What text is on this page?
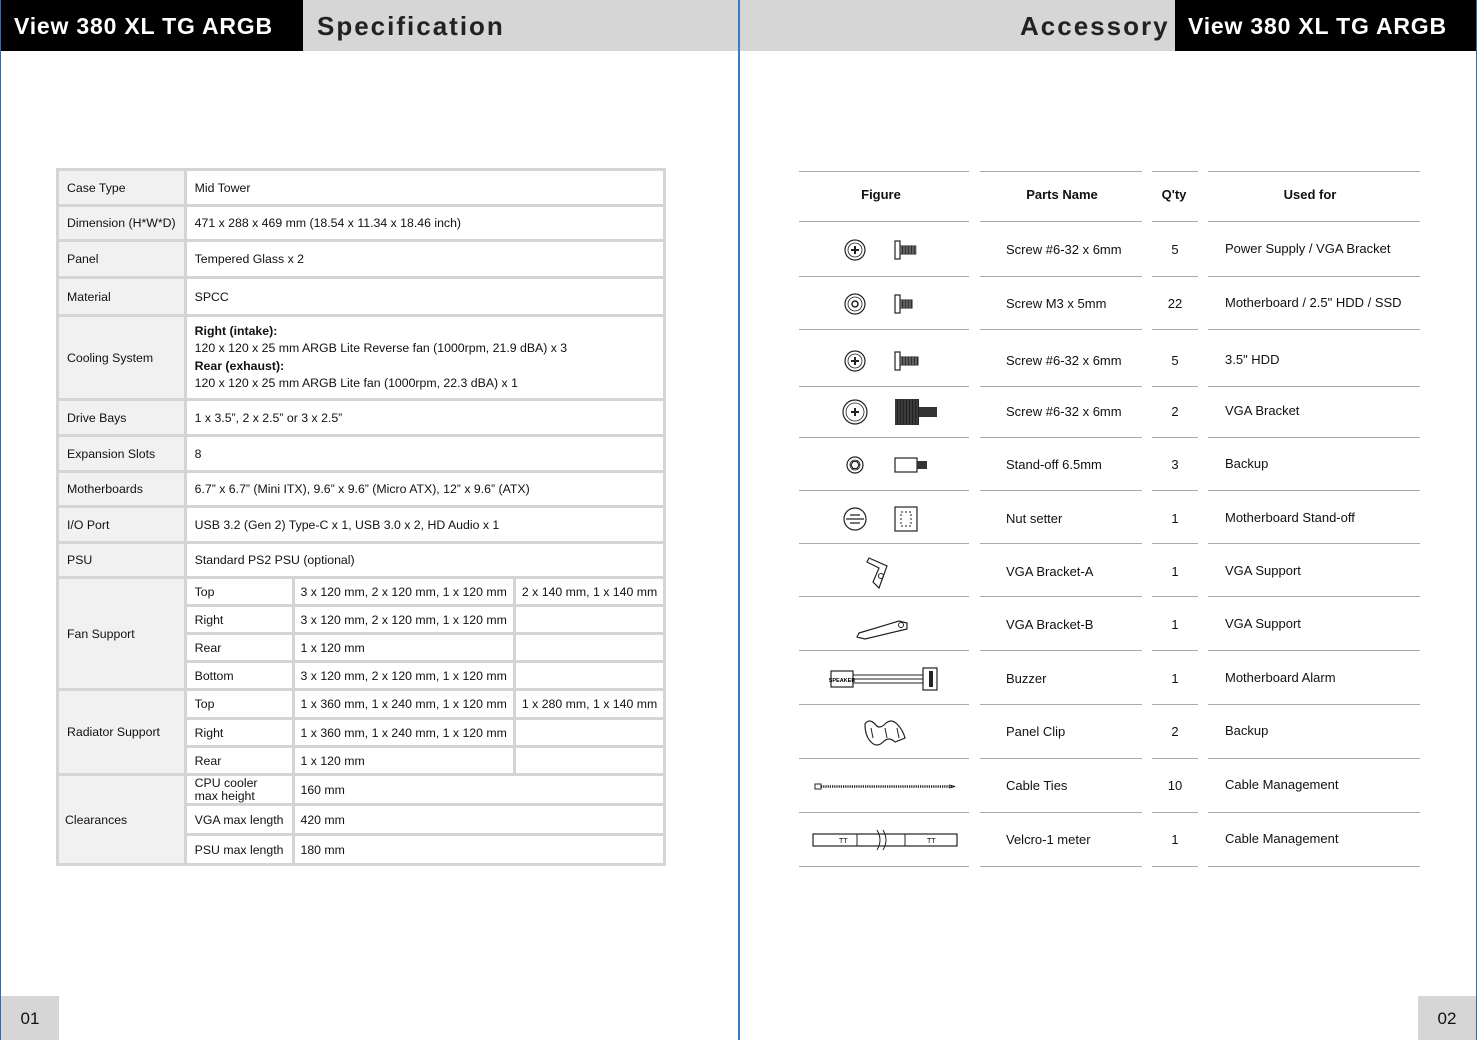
View 380 XL TG ARGB	Specification
Case Type	Mid Tower		
Dimension (H*W*D)	471 x 288 x 469 mm (18.54 x 11.34 x 18.46 inch)		
Panel	Tempered Glass x 2		
Material	SPCC		
Cooling System	Right (intake):
120 x 120 x 25 mm ARGB Lite Reverse fan (1000rpm, 21.9 dBA) x 3
Rear (exhaust):
120 x 120 x 25 mm ARGB Lite fan (1000rpm, 22.3 dBA) x 1		

Drive Bays	1 x 3.5”, 2 x 2.5” or 3 x 2.5”		
Expansion Slots	8		
Motherboards	6.7” x 6.7” (Mini ITX), 9.6” x 9.6” (Micro ATX), 12” x 9.6” (ATX)		
I/O Port	USB 3.2 (Gen 2) Type-C x 1, USB 3.0 x 2, HD Audio x 1		
PSU	Standard PS2 PSU (optional)		
Fan Support	Top	3 x 120 mm, 2 x 120 mm, 1 x 120 mm	2 x 140 mm, 1 x 140 mm
	Right	3 x 120 mm, 2 x 120 mm, 1 x 120 mm	
	Rear	1 x 120 mm	
	Bottom	3 x 120 mm, 2 x 120 mm, 1 x 120 mm	
Radiator Support	Top	1 x 360 mm, 1 x 240 mm, 1 x 120 mm	1 x 280 mm, 1 x 140 mm
	Right	1 x 360 mm, 1 x 240 mm, 1 x 120 mm	
	Rear	1 x 120 mm	
Clearances	CPU cooler
max height	160 mm	
	VGA max length	420 mm	
	PSU max length	180 mm	
01
Accessory View 380 XL TG ARGB
Figure	Parts Name	Q'ty	Used for
Screw #6-32 x 6mm	5	Power Supply / VGA Bracket
Screw M3 x 5mm	22	Motherboard / 2.5" HDD / SSD
Screw #6-32 x 6mm	5	3.5" HDD
Screw #6-32 x 6mm	2	VGA Bracket
Stand-off 6.5mm	3	Backup
Nut setter	1	Motherboard Stand-off
VGA Bracket-A	1	VGA Support
VGA Bracket-B	1	VGA Support
Buzzer	1	Motherboard Alarm
SPEAKER
Panel Clip	2	Backup
Cable Ties	10	Cable Management
Velcro-1 meter	1	Cable Management
TT	TT
02
